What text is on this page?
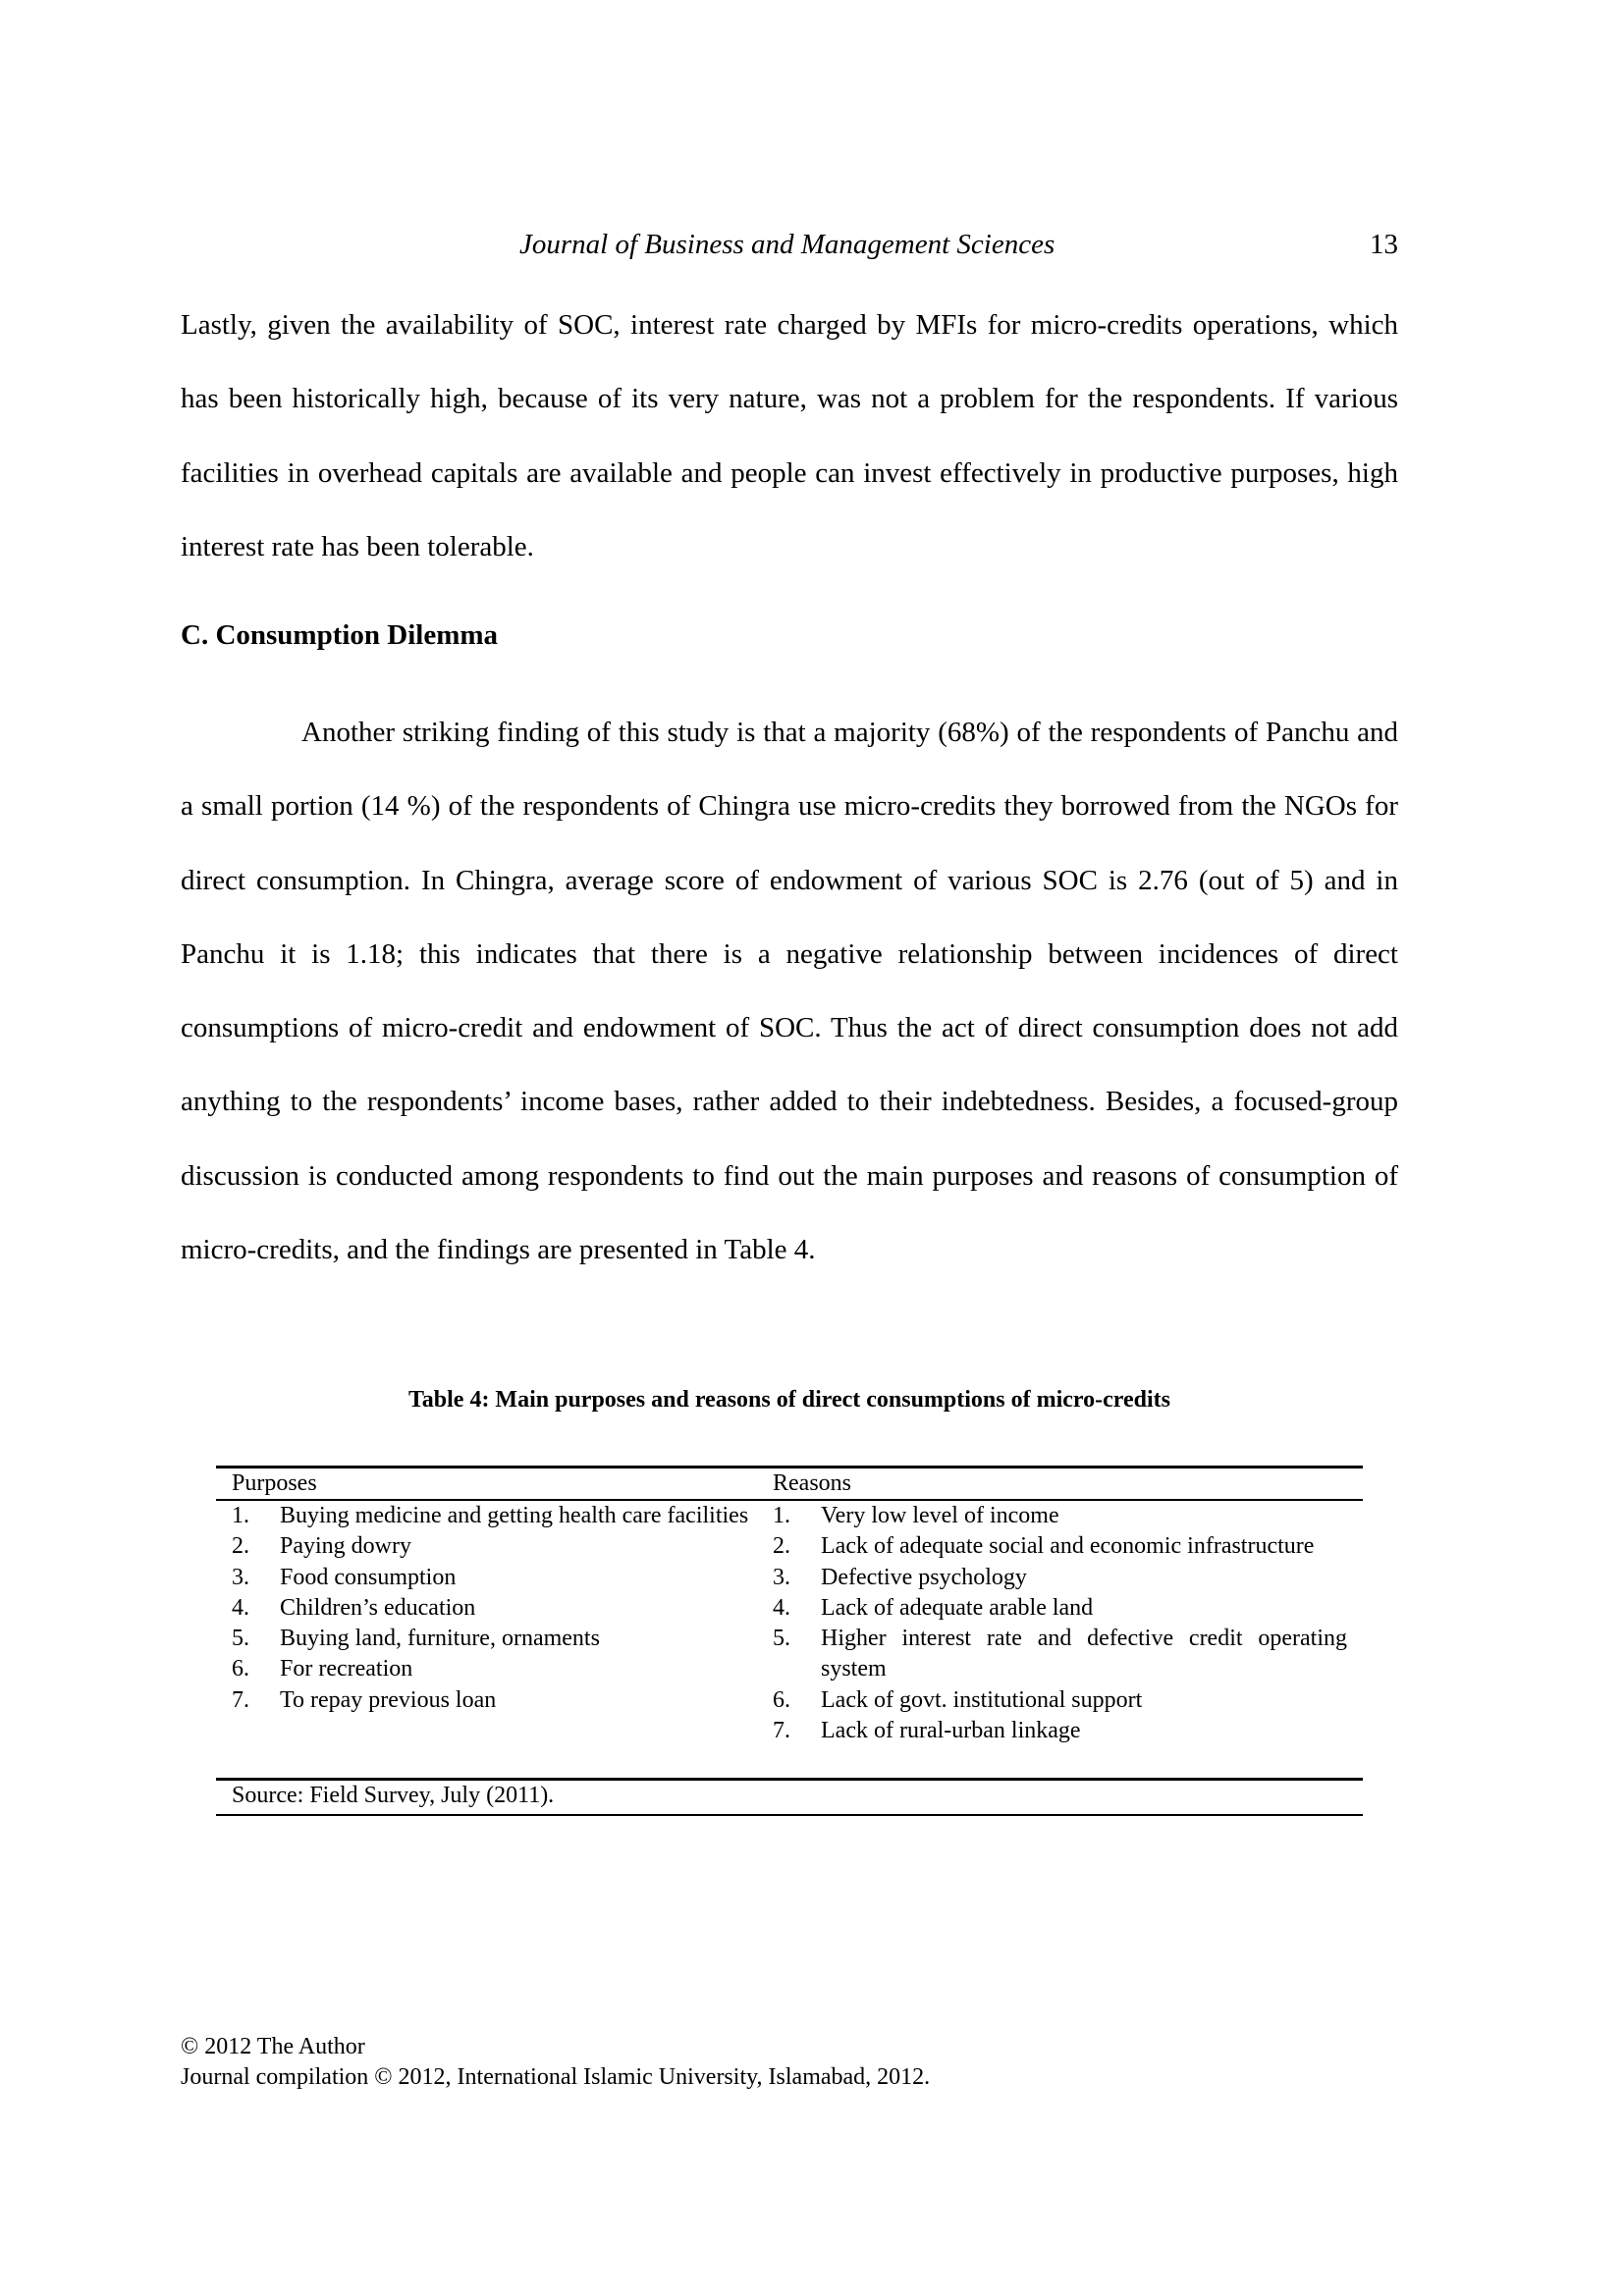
Journal of Business and Management Sciences	13

Lastly, given the availability of SOC, interest rate charged by MFIs for micro-credits operations, which has been historically high, because of its very nature, was not a problem for the respondents. If various facilities in overhead capitals are available and people can invest effectively in productive purposes, high interest rate has been tolerable.

C. Consumption Dilemma

Another striking finding of this study is that a majority (68%) of the respondents of Panchu and a small portion (14 %) of the respondents of Chingra use micro-credits they borrowed from the NGOs for direct consumption. In Chingra, average score of endowment of various SOC is 2.76 (out of 5) and in Panchu it is 1.18; this indicates that there is a negative relationship between incidences of direct consumptions of micro-credit and endowment of SOC. Thus the act of direct consumption does not add anything to the respondents’ income bases, rather added to their indebtedness. Besides, a focused-group discussion is conducted among respondents to find out the main purposes and reasons of consumption of micro-credits, and the findings are presented in Table 4.

Table 4: Main purposes and reasons of direct consumptions of micro-credits
Purposes	Reasons
1. Buying medicine and getting health care facilities
2. Paying dowry
3. Food consumption
4. Children’s education
5. Buying land, furniture, ornaments
6. For recreation
7. To repay previous loan
1. Very low level of income
2. Lack of adequate social and economic infrastructure
3. Defective psychology
4. Lack of adequate arable land
5. Higher interest rate and defective credit operating system
6. Lack of govt. institutional support
7. Lack of rural-urban linkage
Source: Field Survey, July (2011).
© 2012 The Author
Journal compilation © 2012, International Islamic University, Islamabad, 2012.
